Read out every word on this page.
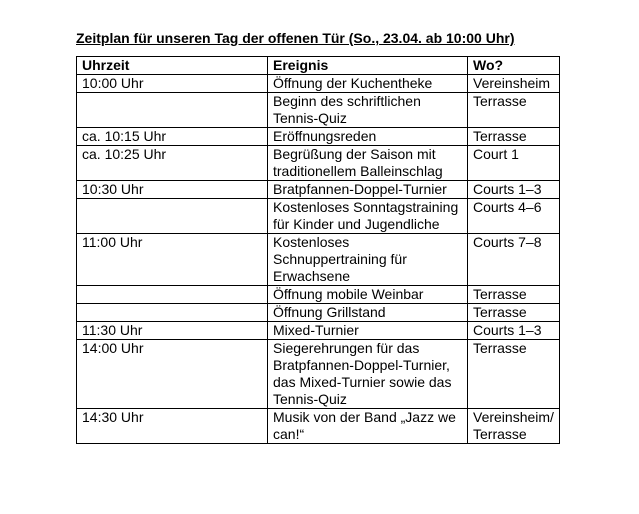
Zeitplan für unseren Tag der offenen Tür (So., 23.04. ab 10:00 Uhr)
Uhrzeit	Ereignis	Wo?
10:00 Uhr	Öffnung der Kuchentheke	Vereinsheim
	Beginn des schriftlichen Tennis-Quiz	Terrasse
ca. 10:15 Uhr	Eröffnungsreden	Terrasse
ca. 10:25 Uhr	Begrüßung der Saison mit traditionellem Balleinschlag	Court 1
10:30 Uhr	Bratpfannen-Doppel-Turnier	Courts 1–3
	Kostenloses Sonntagstraining für Kinder und Jugendliche	Courts 4–6
11:00 Uhr	Kostenloses Schnuppertraining für Erwachsene	Courts 7–8
	Öffnung mobile Weinbar	Terrasse
	Öffnung Grillstand	Terrasse
11:30 Uhr	Mixed-Turnier	Courts 1–3
14:00 Uhr	Siegerehrungen für das Bratpfannen-Doppel-Turnier, das Mixed-Turnier sowie das Tennis-Quiz	Terrasse
14:30 Uhr	Musik von der Band „Jazz we can!“	Vereinsheim/ Terrasse
